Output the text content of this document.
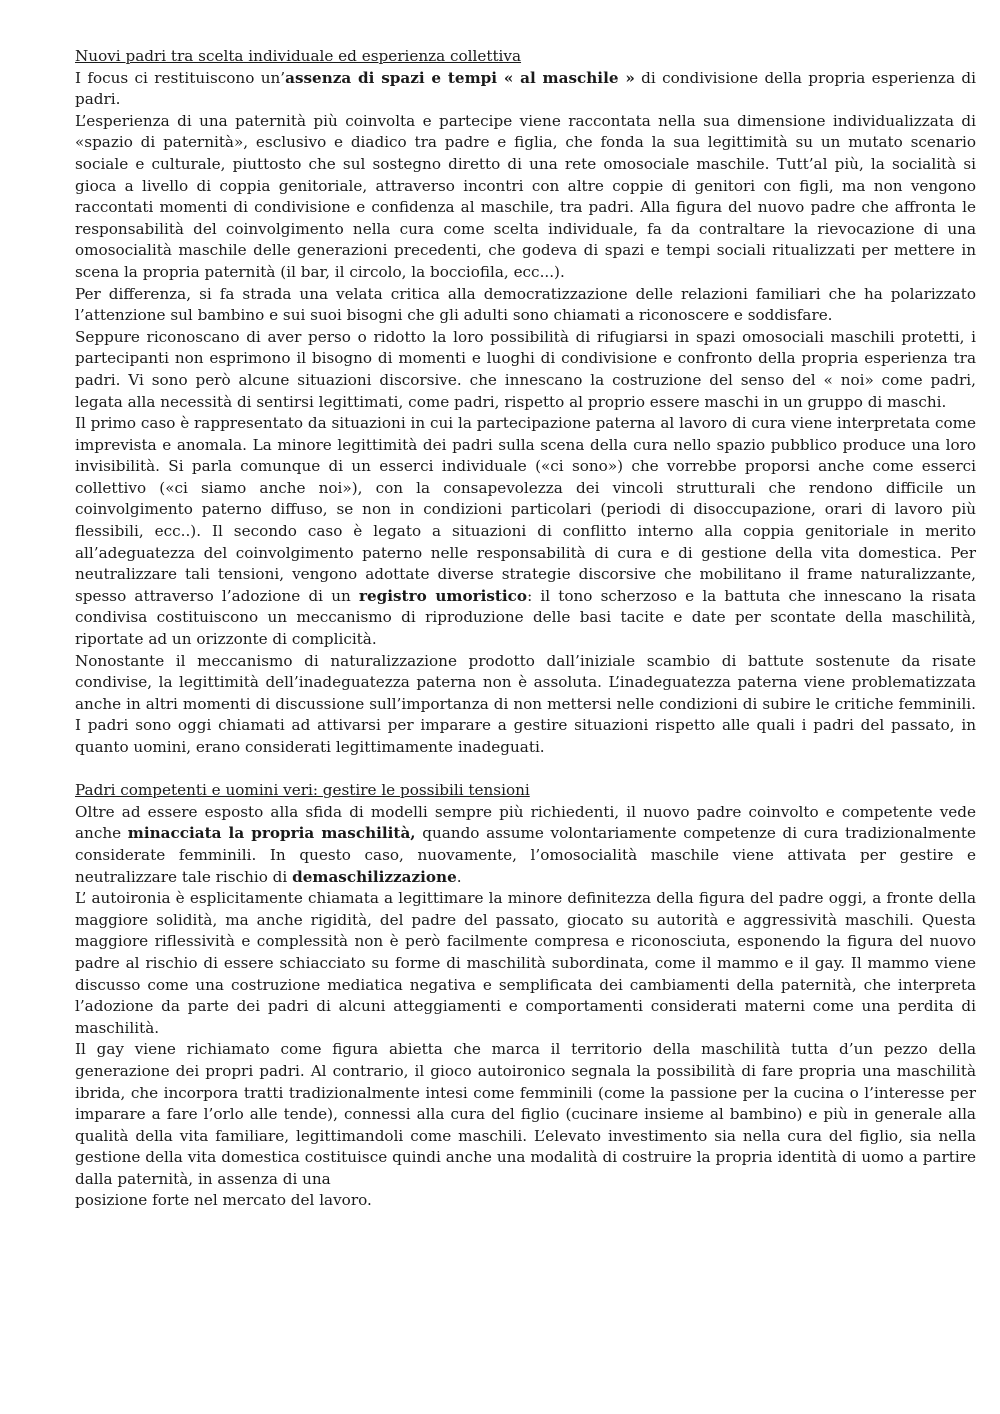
Nuovi padri tra scelta individuale ed esperienza collettiva
I focus ci restituiscono un’assenza di spazi e tempi « al maschile » di condivisione della propria esperienza di padri.
L’esperienza di una paternità più coinvolta e partecipe viene raccontata nella sua dimensione individualizzata di «spazio di paternità», esclusivo e diadico tra padre e figlia, che fonda la sua legittimità su un mutato scenario sociale e culturale, piuttosto che sul sostegno diretto di una rete omosociale maschile. Tutt’al più, la socialità si gioca a livello di coppia genitoriale, attraverso incontri con altre coppie di genitori con figli, ma non vengono raccontati momenti di condivisione e confidenza al maschile, tra padri. Alla figura del nuovo padre che affronta le responsabilità del coinvolgimento nella cura come scelta individuale, fa da contraltare la rievocazione di una omosocialità maschile delle generazioni precedenti, che godeva di spazi e tempi sociali ritualizzati per mettere in scena la propria paternità (il bar, il circolo, la bocciofila, ecc...).
Per differenza, si fa strada una velata critica alla democratizzazione delle relazioni familiari che ha polarizzato l’attenzione sul bambino e sui suoi bisogni che gli adulti sono chiamati a riconoscere e soddisfare.
Seppure riconoscano di aver perso o ridotto la loro possibilità di rifugiarsi in spazi omosociali maschili protetti, i partecipanti non esprimono il bisogno di momenti e luoghi di condivisione e confronto della propria esperienza tra padri. Vi sono però alcune situazioni discorsive. che innescano la costruzione del senso del « noi» come padri, legata alla necessità di sentirsi legittimati, come padri, rispetto al proprio essere maschi in un gruppo di maschi.
Il primo caso è rappresentato da situazioni in cui la partecipazione paterna al lavoro di cura viene interpretata come imprevista e anomala. La minore legittimità dei padri sulla scena della cura nello spazio pubblico produce una loro invisibilità. Si parla comunque di un esserci individuale («ci sono») che vorrebbe proporsi anche come esserci collettivo («ci siamo anche noi»), con la consapevolezza dei vincoli strutturali che rendono difficile un coinvolgimento paterno diffuso, se non in condizioni particolari (periodi di disoccupazione, orari di lavoro più flessibili, ecc..). Il secondo caso è legato a situazioni di conflitto interno alla coppia genitoriale in merito all’adeguatezza del coinvolgimento paterno nelle responsabilità di cura e di gestione della vita domestica. Per neutralizzare tali tensioni, vengono adottate diverse strategie discorsive che mobilitano il frame naturalizzante, spesso attraverso l’adozione di un registro umoristico: il tono scherzoso e la battuta che innescano la risata condivisa costituiscono un meccanismo di riproduzione delle basi tacite e date per scontate della maschilità, riportate ad un orizzonte di complicità.
Nonostante il meccanismo di naturalizzazione prodotto dall’iniziale scambio di battute sostenute da risate condivise, la legittimità dell’inadeguatezza paterna non è assoluta. L’inadeguatezza paterna viene problematizzata anche in altri momenti di discussione sull’importanza di non mettersi nelle condizioni di subire le critiche femminili. I padri sono oggi chiamati ad attivarsi per imparare a gestire situazioni rispetto alle quali i padri del passato, in quanto uomini, erano considerati legittimamente inadeguati.
Padri competenti e uomini veri: gestire le possibili tensioni
Oltre ad essere esposto alla sfida di modelli sempre più richiedenti, il nuovo padre coinvolto e competente vede anche minacciata la propria maschilità, quando assume volontariamente competenze di cura tradizionalmente considerate femminili. In questo caso, nuovamente, l’omosocialità maschile viene attivata per gestire e neutralizzare tale rischio di demaschilizzazione.
L’ autoironia è esplicitamente chiamata a legittimare la minore definitezza della figura del padre oggi, a fronte della maggiore solidità, ma anche rigidità, del padre del passato, giocato su autorità e aggressività maschili. Questa maggiore riflessività e complessità non è però facilmente compresa e riconosciuta, esponendo la figura del nuovo padre al rischio di essere schiacciato su forme di maschilità subordinata, come il mammo e il gay. Il mammo viene discusso come una costruzione mediatica negativa e semplificata dei cambiamenti della paternità, che interpreta l’adozione da parte dei padri di alcuni atteggiamenti e comportamenti considerati materni come una perdita di maschilità.
Il gay viene richiamato come figura abietta che marca il territorio della maschilità tutta d’un pezzo della generazione dei propri padri. Al contrario, il gioco autoironico segnala la possibilità di fare propria una maschilità ibrida, che incorpora tratti tradizionalmente intesi come femminili (come la passione per la cucina o l’interesse per imparare a fare l’orlo alle tende), connessi alla cura del figlio (cucinare insieme al bambino) e più in generale alla qualità della vita familiare, legittimandoli come maschili. L’elevato investimento sia nella cura del figlio, sia nella gestione della vita domestica costituisce quindi anche una modalità di costruire la propria identità di uomo a partire dalla paternità, in assenza di una
posizione forte nel mercato del lavoro.
